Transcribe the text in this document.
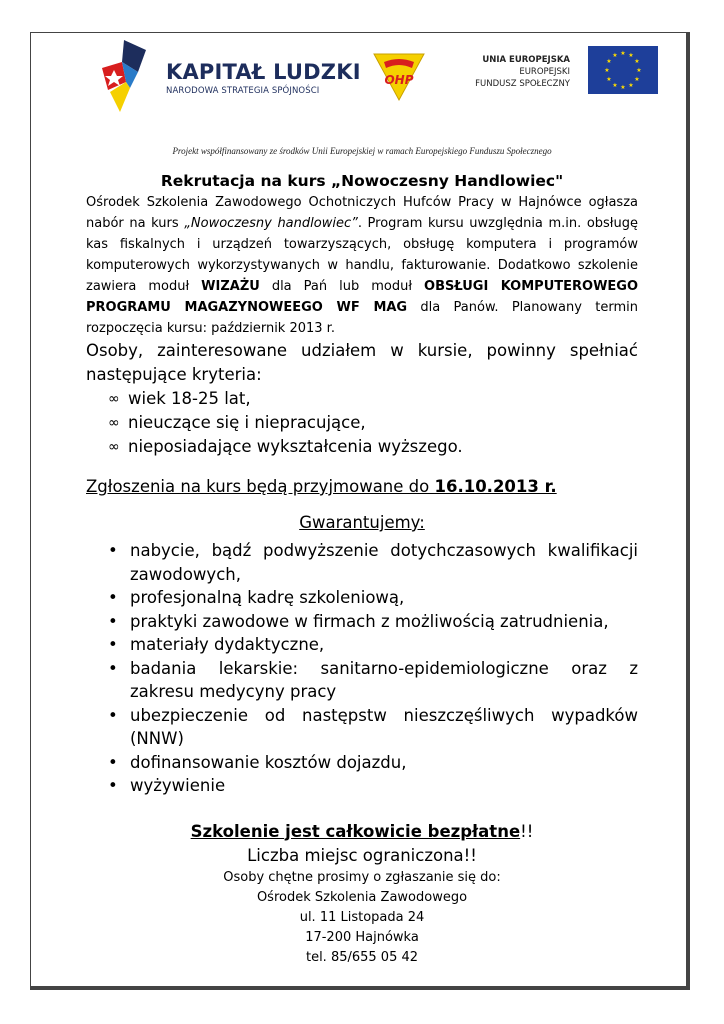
KAPITAŁ LUDZKI
NARODOWA STRATEGIA SPÓJNOŚCI
OHP
UNIA EUROPEJSKA
EUROPEJSKI
FUNDUSZ SPOŁECZNY
★ ★
★
★
★
★
★
★
★
★
★
★
Projekt współfinansowany ze środków Unii Europejskiej w ramach Europejskiego Funduszu Społecznego
Rekrutacja na kurs „Nowoczesny Handlowiec"

Ośrodek Szkolenia Zawodowego Ochotniczych Hufców Pracy w Hajnówce ogłasza nabór na kurs „Nowoczesny handlowiec”. Program kursu uwzględnia m.in. obsługę kas fiskalnych i urządzeń towarzyszących, obsługę komputera i programów komputerowych wykorzystywanych w handlu, fakturowanie. Dodatkowo szkolenie zawiera moduł WIZAŻU dla Pań lub moduł OBSŁUGI KOMPUTEROWEGO PROGRAMU MAGAZYNOWEEGO WF MAG dla Panów. Planowany termin rozpoczęcia kursu: październik 2013 r.

Osoby, zainteresowane udziałem w kursie, powinny spełniać następujące kryteria:

∞ wiek 18-25 lat,
∞ nieuczące się i niepracujące,
∞ nieposiadające wykształcenia wyższego.

Zgłoszenia na kurs będą przyjmowane do 16.10.2013 r.

Gwarantujemy:

• nabycie, bądź podwyższenie dotychczasowych kwalifikacji zawodowych,
• profesjonalną kadrę szkoleniową,
• praktyki zawodowe w firmach z możliwością zatrudnienia,
• materiały dydaktyczne,
• badania lekarskie: sanitarno-epidemiologiczne oraz z zakresu medycyny pracy
• ubezpieczenie od następstw nieszczęśliwych wypadków (NNW)
• dofinansowanie kosztów dojazdu,
• wyżywienie

Szkolenie jest całkowicie bezpłatne!!

Liczba miejsc ograniczona!!

Osoby chętne prosimy o zgłaszanie się do:

Ośrodek Szkolenia Zawodowego

ul. 11 Listopada 24

17-200 Hajnówka

tel. 85/655 05 42
